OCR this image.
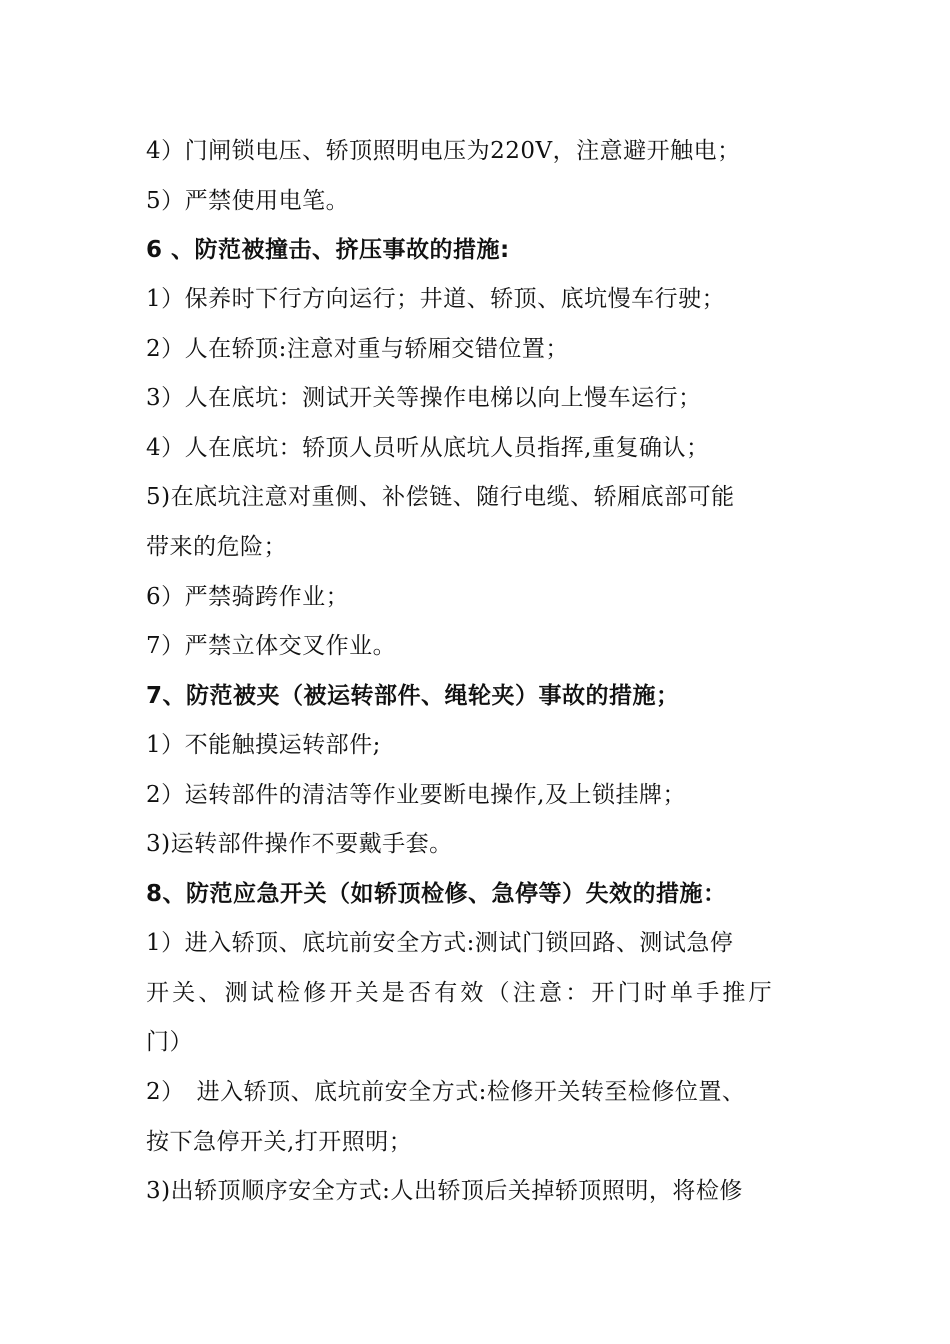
4）门闸锁电压、轿顶照明电压为220V，注意避开触电；
5）严禁使用电笔。
6 、防范被撞击、挤压事故的措施:
1）保养时下行方向运行；井道、轿顶、底坑慢车行驶；
2）人在轿顶:注意对重与轿厢交错位置；
3）人在底坑：测试开关等操作电梯以向上慢车运行；
4）人在底坑：轿顶人员听从底坑人员指挥,重复确认；
5)在底坑注意对重侧、补偿链、随行电缆、轿厢底部可能
带来的危险；
6）严禁骑跨作业；
7）严禁立体交叉作业。
7、防范被夹（被运转部件、绳轮夹）事故的措施；
1）不能触摸运转部件;
2）运转部件的清洁等作业要断电操作,及上锁挂牌；
3)运转部件操作不要戴手套。
8、防范应急开关（如轿顶检修、急停等）失效的措施：
1）进入轿顶、底坑前安全方式:测试门锁回路、测试急停
开关、测试检修开关是否有效（注意：开门时单手推厅
门）
2）　进入轿顶、底坑前安全方式:检修开关转至检修位置、
按下急停开关,打开照明；
3)出轿顶顺序安全方式:人出轿顶后关掉轿顶照明，将检修
